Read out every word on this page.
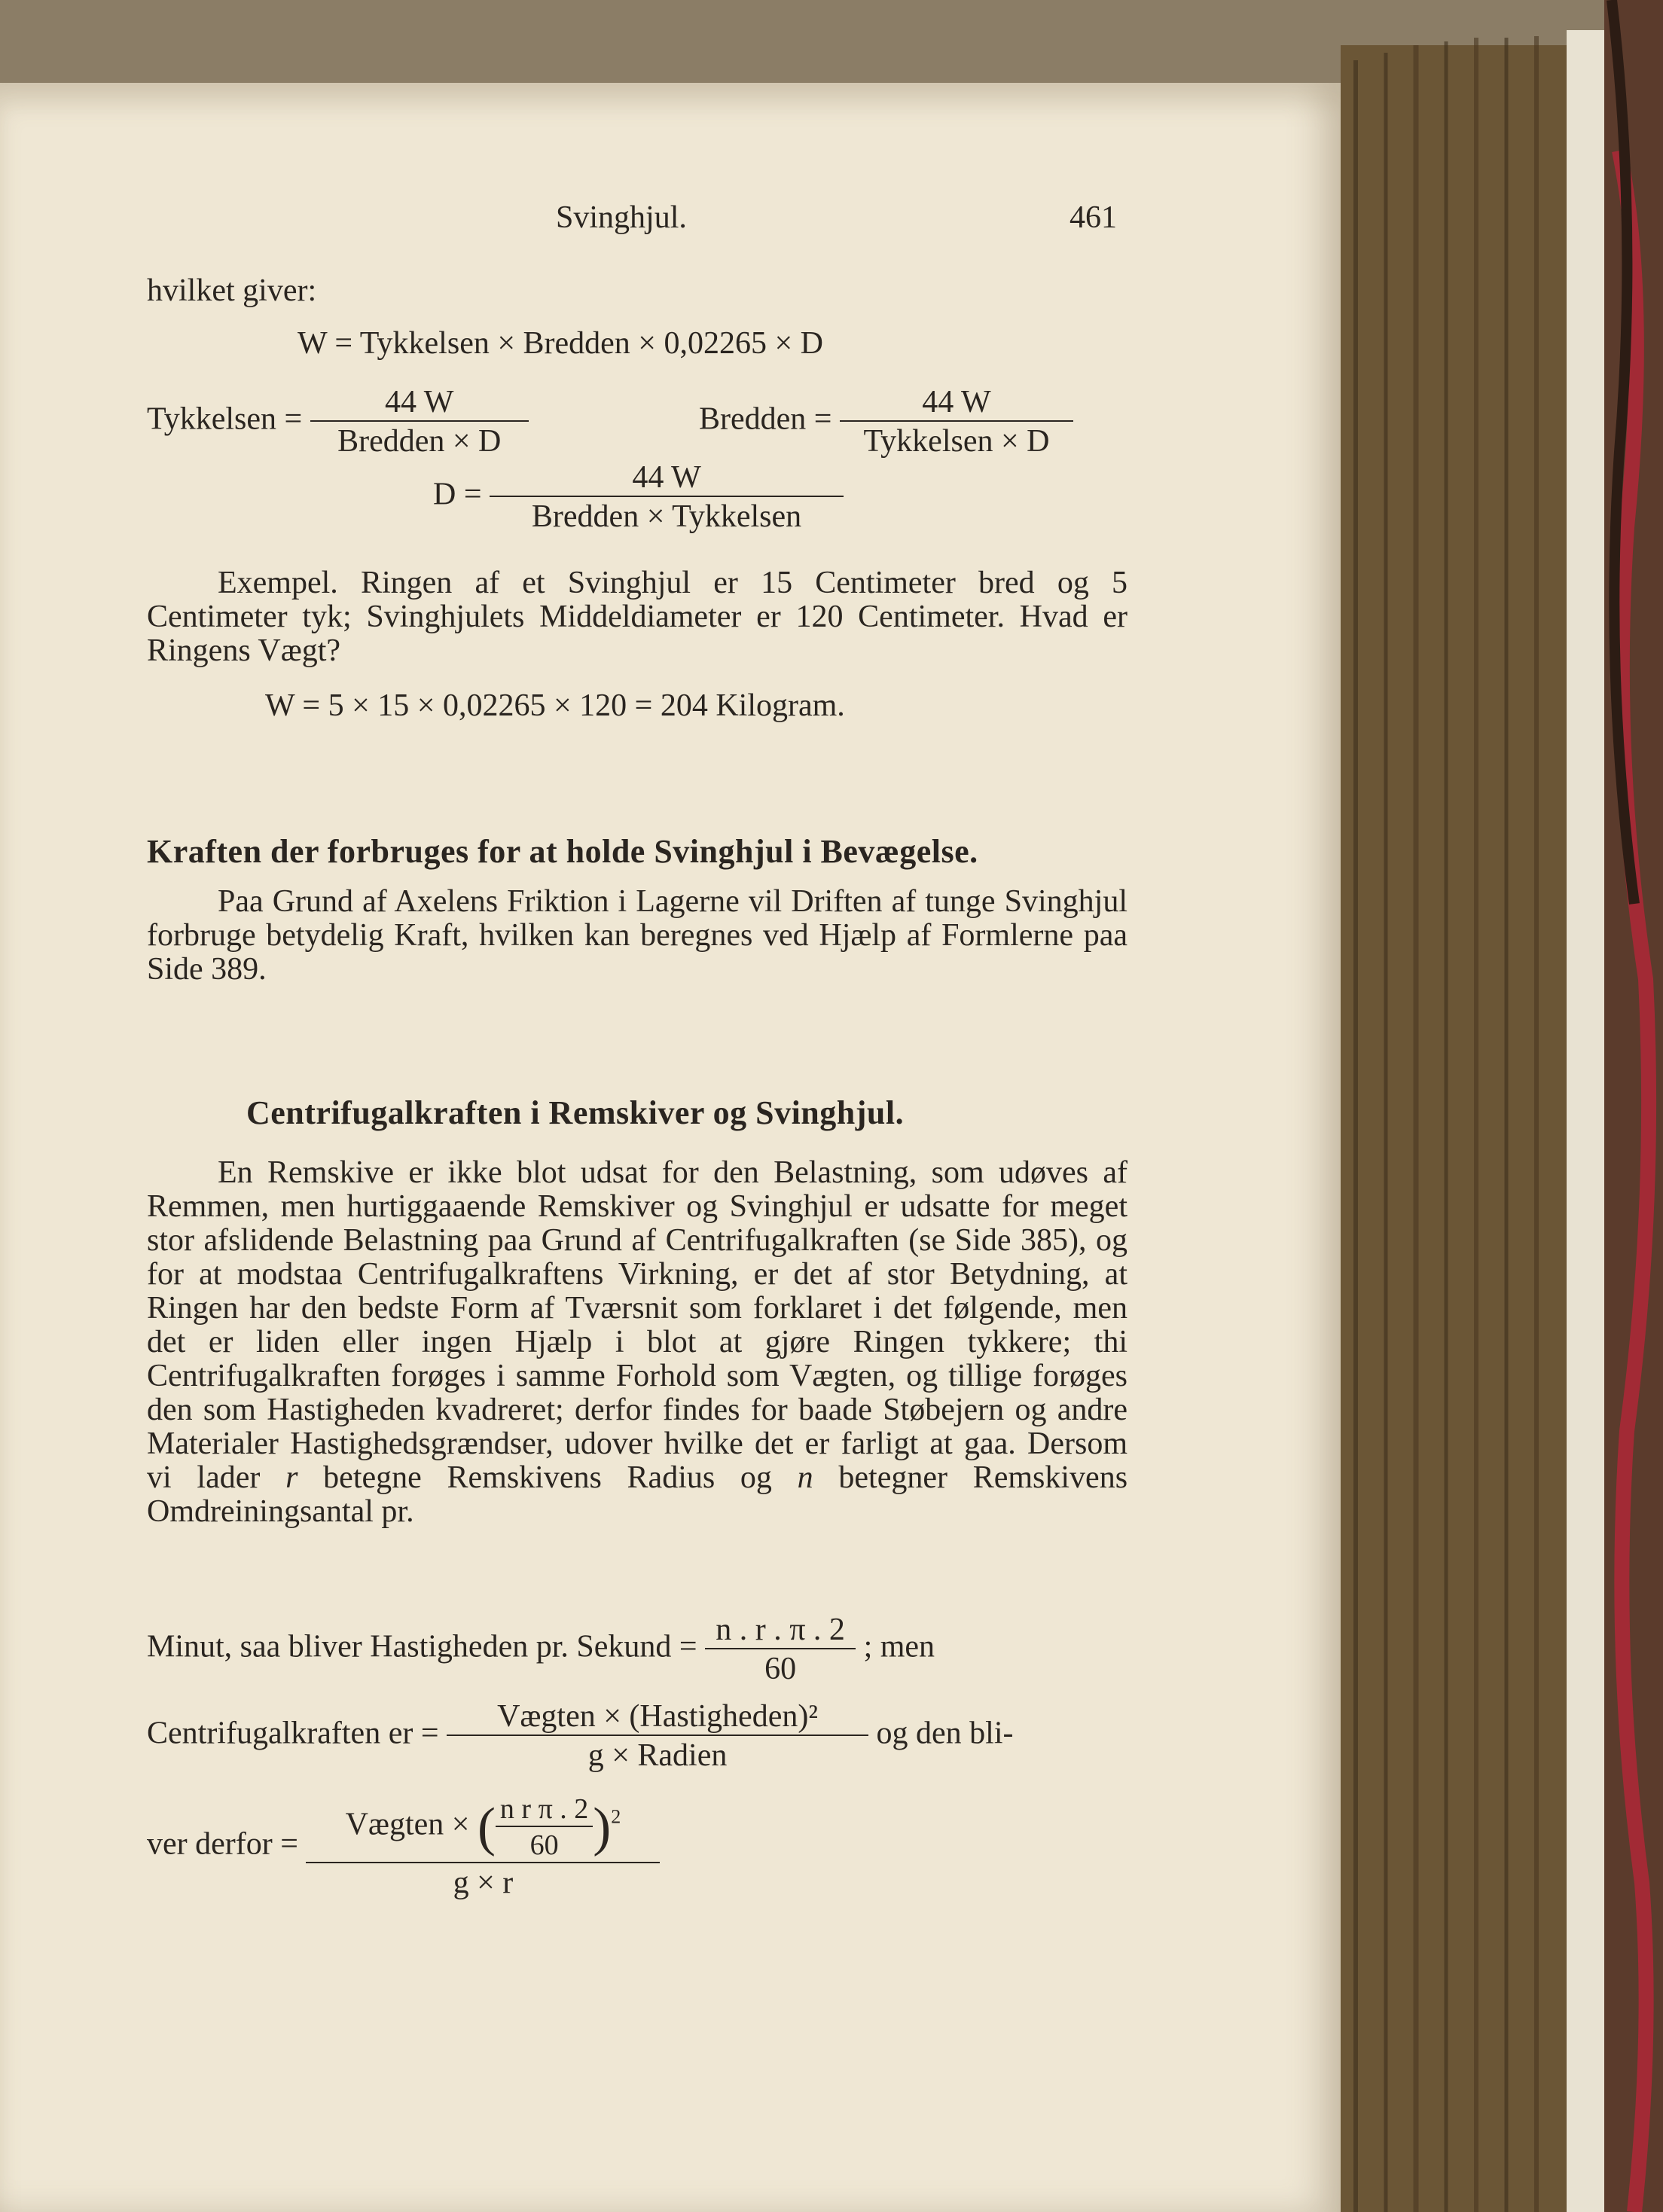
Svinghjul.	461
hvilket giver:
W = Tykkelsen × Bredden × 0,02265 × D
Tykkelsen = $\frac{44 W}{\text{Bredden × D}}$	Bredden = $\frac{44 W}{\text{Tykkelsen × D}}$
$D = \frac{44 W}{\text{Bredden × Tykkelsen}}$
Exempel. Ringen af et Svinghjul er 15 Centimeter bred og 5 Centimeter tyk; Svinghjulets Middeldiameter er 120 Centimeter. Hvad er Ringens Vægt?
W = 5 × 15 × 0,02265 × 120 = 204 Kilogram.
Kraften der forbruges for at holde Svinghjul i Bevægelse.
Paa Grund af Axelens Friktion i Lagerne vil Driften af tunge Svinghjul forbruge betydelig Kraft, hvilken kan beregnes ved Hjælp af Formlerne paa Side 389.
Centrifugalkraften i Remskiver og Svinghjul.
En Remskive er ikke blot udsat for den Belastning, som udøves af Remmen, men hurtiggaaende Remskiver og Svinghjul er udsatte for meget stor afslidende Belastning paa Grund af Centrifugalkraften (se Side 385), og for at modstaa Centrifugalkraftens Virkning, er det af stor Betydning, at Ringen har den bedste Form af Tværsnit som forklaret i det følgende, men det er liden eller ingen Hjælp i blot at gjøre Ringen tykkere; thi Centrifugalkraften forøges i samme Forhold som Vægten, og tillige forøges den som Hastigheden kvadreret; derfor findes for baade Støbejern og andre Materialer Hastighedsgrændser, udover hvilke det er farligt at gaa. Dersom vi lader r betegne Remskivens Radius og n betegner Remskivens Omdreiningsantal pr.
Minut, saa bliver Hastigheden pr. Sekund = $\frac{n . r . \pi . 2}{60}$ ; men
Centrifugalkraften er = $\frac{\text{Vægten × (Hastigheden)²}}{\text{g × Radien}}$ og den bli-
ver derfor = $\frac{Vægten \times ( \frac{\text{n r π . 2}}{60} )^2}{g \times r}$
